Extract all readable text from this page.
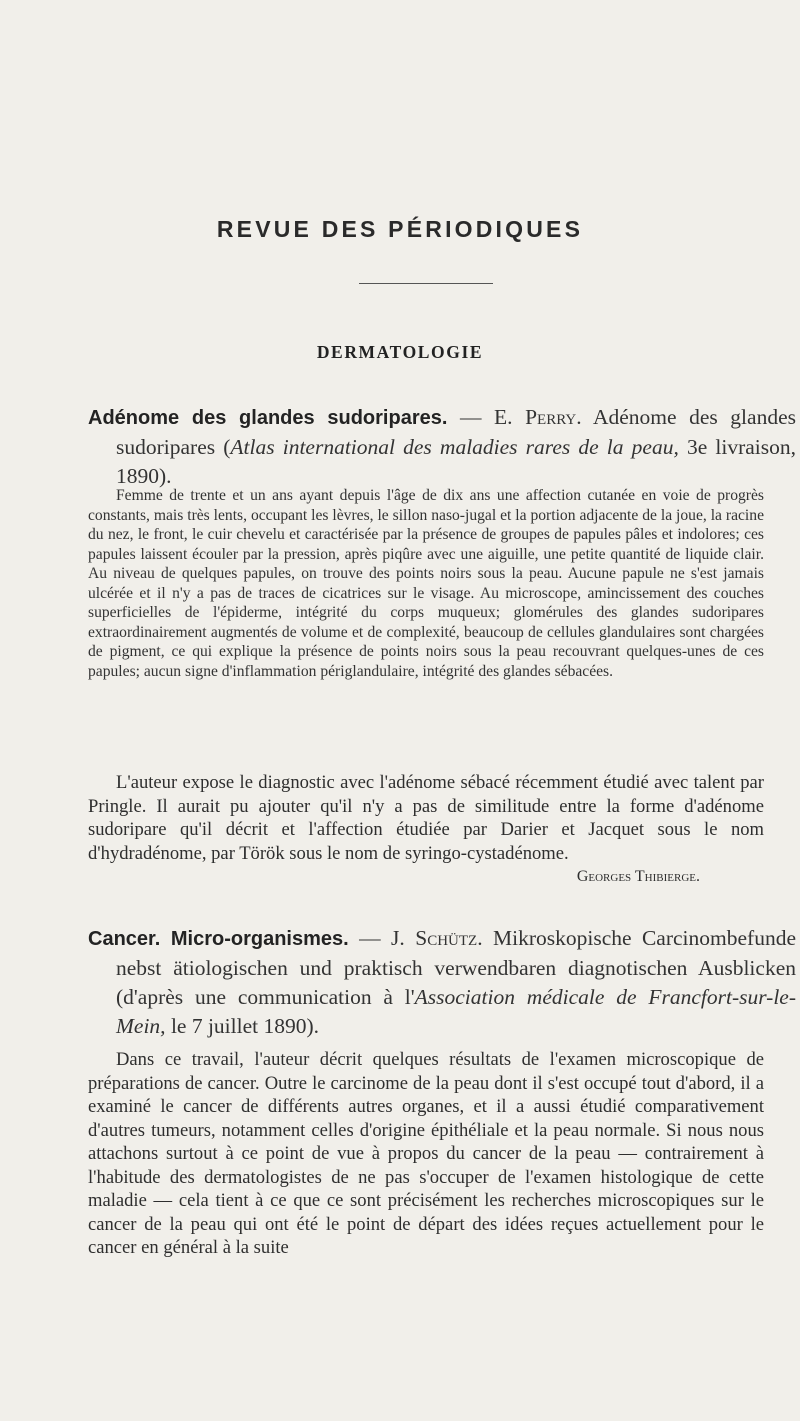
REVUE DES PÉRIODIQUES
DERMATOLOGIE
Adénome des glandes sudoripares. — E. Perry. Adénome des glandes sudoripares (Atlas international des maladies rares de la peau, 3e livraison, 1890).

Femme de trente et un ans ayant depuis l'âge de dix ans une affection cutanée en voie de progrès constants, mais très lents, occupant les lèvres, le sillon naso-jugal et la portion adjacente de la joue, la racine du nez, le front, le cuir chevelu et caractérisée par la présence de groupes de papules pâles et indolores; ces papules laissent écouler par la pression, après piqûre avec une aiguille, une petite quantité de liquide clair. Au niveau de quelques papules, on trouve des points noirs sous la peau. Aucune papule ne s'est jamais ulcérée et il n'y a pas de traces de cicatrices sur le visage. Au microscope, amincissement des couches superficielles de l'épiderme, intégrité du corps muqueux; glomérules des glandes sudoripares extraordinairement augmentés de volume et de complexité, beaucoup de cellules glandulaires sont chargées de pigment, ce qui explique la présence de points noirs sous la peau recouvrant quelques-unes de ces papules; aucun signe d'inflammation périglandulaire, intégrité des glandes sébacées.

L'auteur expose le diagnostic avec l'adénome sébacé récemment étudié avec talent par Pringle. Il aurait pu ajouter qu'il n'y a pas de similitude entre la forme d'adénome sudoripare qu'il décrit et l'affection étudiée par Darier et Jacquet sous le nom d'hydradénome, par Török sous le nom de syringo-cystadénome.
Georges Thibierge.

Cancer. Micro-organismes. — J. Schütz. Mikroskopische Carcinombefunde nebst ätiologischen und praktisch verwendbaren diagnotischen Ausblicken (d'après une communication à l'Association médicale de Francfort-sur-le-Mein, le 7 juillet 1890).

Dans ce travail, l'auteur décrit quelques résultats de l'examen microscopique de préparations de cancer. Outre le carcinome de la peau dont il s'est occupé tout d'abord, il a examiné le cancer de différents autres organes, et il a aussi étudié comparativement d'autres tumeurs, notamment celles d'origine épithéliale et la peau normale. Si nous nous attachons surtout à ce point de vue à propos du cancer de la peau — contrairement à l'habitude des dermatologistes de ne pas s'occuper de l'examen histologique de cette maladie — cela tient à ce que ce sont précisément les recherches microscopiques sur le cancer de la peau qui ont été le point de départ des idées reçues actuellement pour le cancer en général à la suite
